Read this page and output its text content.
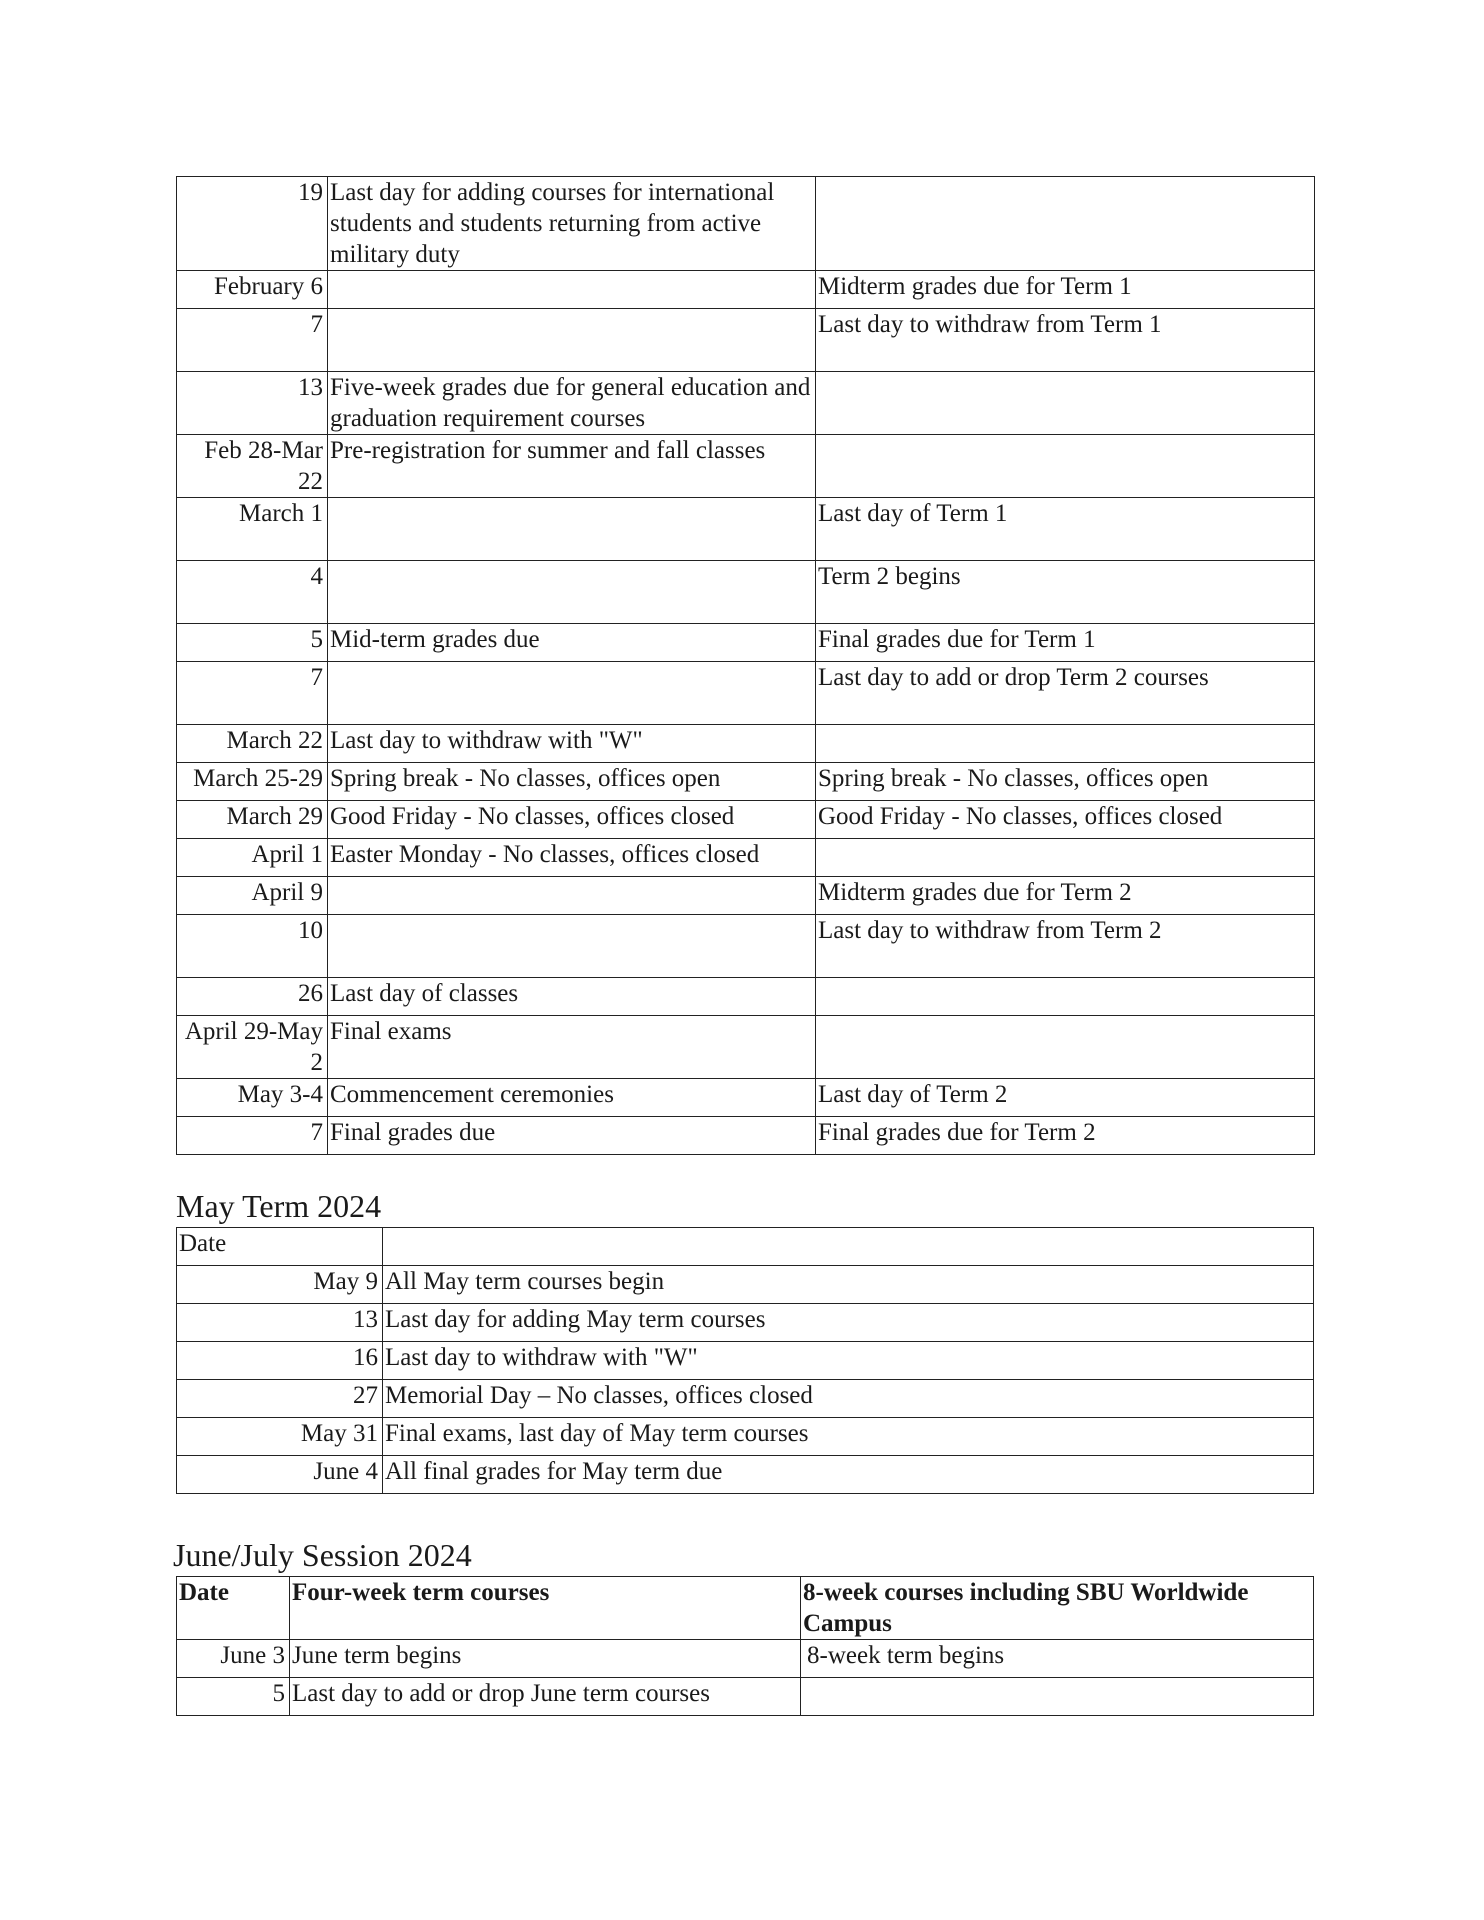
19	Last day for adding courses for international students and students returning from active military duty	
February 6		Midterm grades due for Term 1
7		Last day to withdraw from Term 1
13	Five-week grades due for general education and graduation requirement courses	
Feb 28-Mar 22	Pre-registration for summer and fall classes	
March 1		Last day of Term 1
4		Term 2 begins
5	Mid-term grades due	Final grades due for Term 1
7		Last day to add or drop Term 2 courses
March 22	Last day to withdraw with "W"	
March 25-29	Spring break - No classes, offices open	Spring break - No classes, offices open
March 29	Good Friday - No classes, offices closed	Good Friday - No classes, offices closed
April 1	Easter Monday - No classes, offices closed	
April 9		Midterm grades due for Term 2
10		Last day to withdraw from Term 2
26	Last day of classes	
April 29-May 2	Final exams	
May 3-4	Commencement ceremonies	Last day of Term 2
7	Final grades due	Final grades due for Term 2
May Term 2024
Date	
May 9	All May term courses begin
13	Last day for adding May term courses
16	Last day to withdraw with "W"
27	Memorial Day – No classes, offices closed
May 31	Final exams, last day of May term courses
June 4	All final grades for May term due
June/July Session 2024
Date	Four-week term courses	8-week courses including SBU Worldwide Campus
June 3	June term begins	8-week term begins
5	Last day to add or drop June term courses	
